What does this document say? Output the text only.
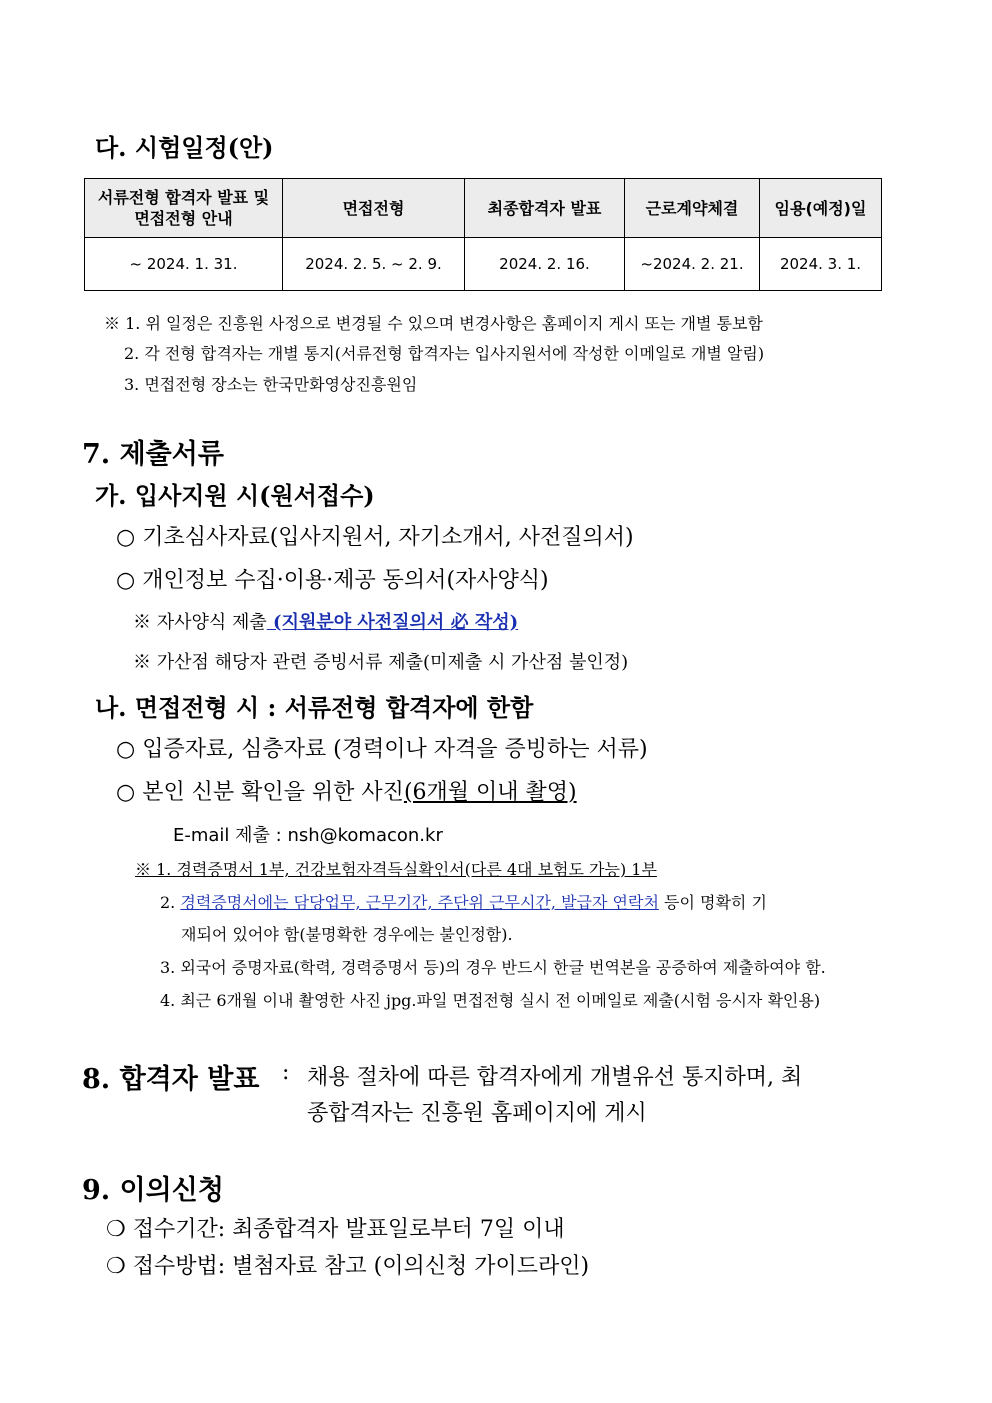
다. 시험일정(안)
서류전형 합격자 발표 및 면접전형 안내	면접전형	최종합격자 발표	근로계약체결	임용(예정)일
~ 2024. 1. 31.	2024. 2. 5. ~ 2. 9.	2024. 2. 16.	~2024. 2. 21.	2024. 3. 1.
※ 1. 위 일정은 진흥원 사정으로 변경될 수 있으며 변경사항은 홈페이지 게시 또는 개별 통보함
2. 각 전형 합격자는 개별 통지(서류전형 합격자는 입사지원서에 작성한 이메일로 개별 알림)
3. 면접전형 장소는 한국만화영상진흥원임
7. 제출서류
가. 입사지원 시(원서접수)
○ 기초심사자료(입사지원서, 자기소개서, 사전질의서)
○ 개인정보 수집·이용·제공 동의서(자사양식)
※ 자사양식 제출 (지원분야 사전질의서 必 작성)
※ 가산점 해당자 관련 증빙서류 제출(미제출 시 가산점 불인정)
나. 면접전형 시 : 서류전형 합격자에 한함
○ 입증자료, 심층자료 (경력이나 자격을 증빙하는 서류)
○ 본인 신분 확인을 위한 사진(6개월 이내 촬영)
E-mail 제출 : nsh@komacon.kr
※ 1. 경력증명서 1부, 건강보험자격득실확인서(다른 4대 보험도 가능) 1부
2. 경력증명서에는 담당업무, 근무기간, 주단위 근무시간, 발급자 연락처 등이 명확히 기
재되어 있어야 함(불명확한 경우에는 불인정함).
3. 외국어 증명자료(학력, 경력증명서 등)의 경우 반드시 한글 번역본을 공증하여 제출하여야 함.
4. 최근 6개월 이내 촬영한 사진 jpg.파일 면접전형 실시 전 이메일로 제출(시험 응시자 확인용)
8. 합격자 발표 : 채용 절차에 따른 합격자에게 개별유선 통지하며, 최
종합격자는 진흥원 홈페이지에 게시
9. 이의신청
❍ 접수기간: 최종합격자 발표일로부터 7일 이내
❍ 접수방법: 별첨자료 참고 (이의신청 가이드라인)
